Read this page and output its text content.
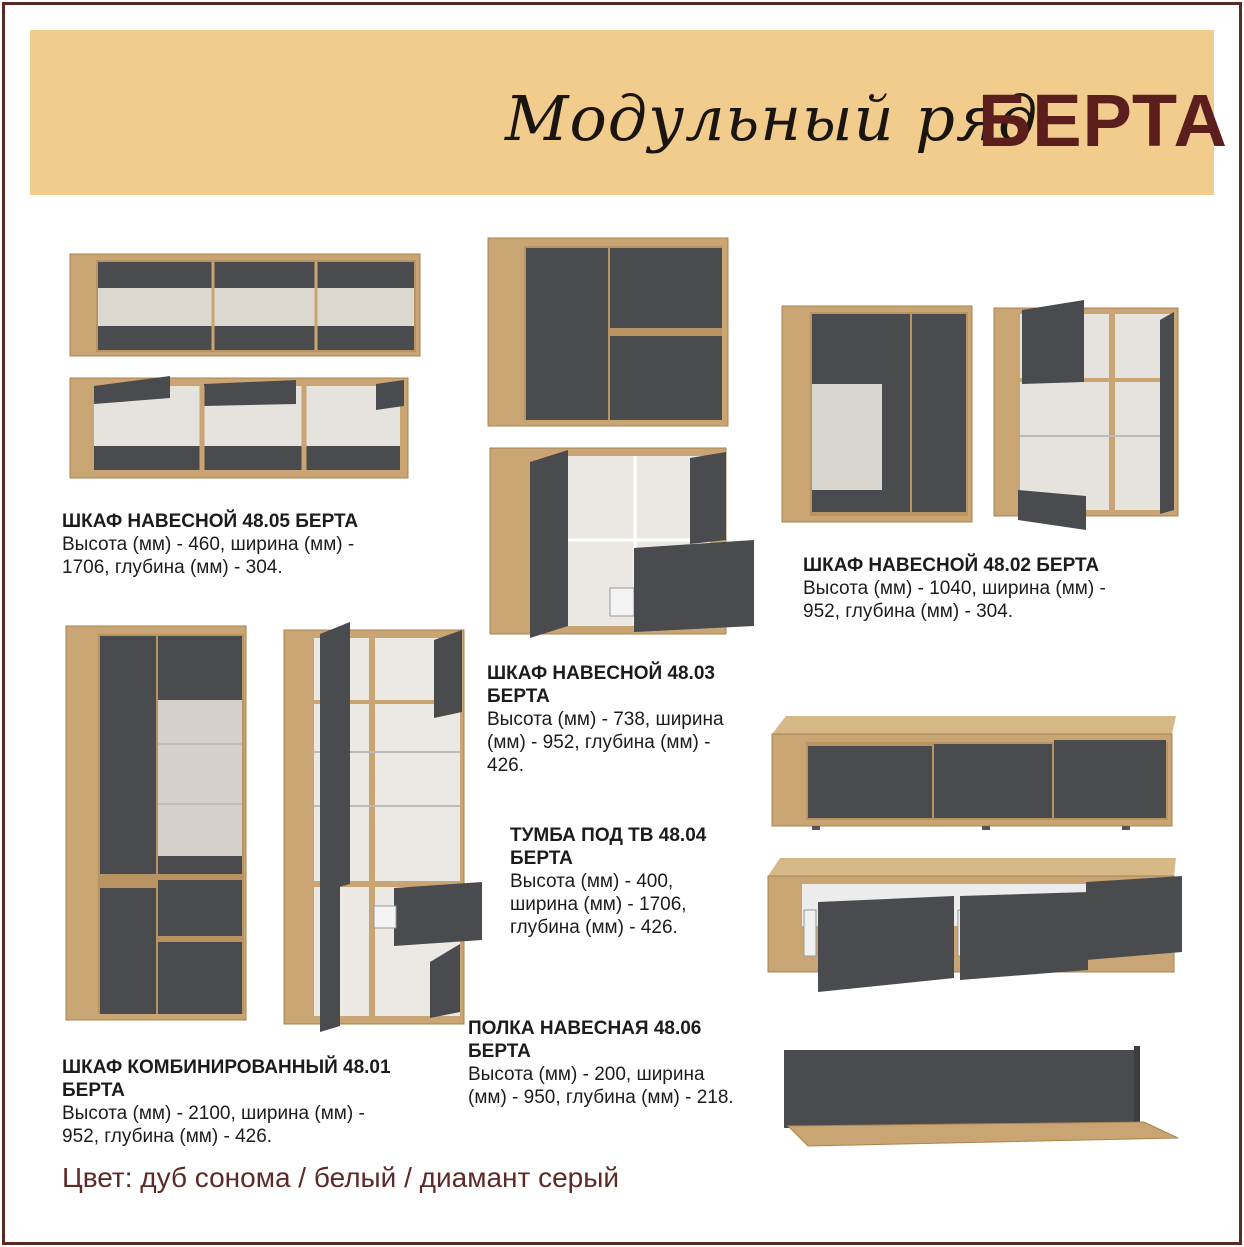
Модульный ряд
БЕРТА
ШКАФ НАВЕСНОЙ 48.05 БЕРТА
Высота (мм) - 460, ширина (мм) -
1706, глубина (мм) - 304.
ШКАФ НАВЕСНОЙ 48.03
БЕРТА
Высота (мм) - 738, ширина
(мм) - 952, глубина (мм) -
426.
ШКАФ НАВЕСНОЙ 48.02 БЕРТА
Высота (мм) - 1040, ширина (мм) -
952, глубина (мм) - 304.
ТУМБА ПОД ТВ 48.04
БЕРТА
Высота (мм) - 400,
ширина (мм) - 1706,
глубина (мм) - 426.
ПОЛКА НАВЕСНАЯ 48.06
БЕРТА
Высота (мм) - 200, ширина
(мм) - 950, глубина (мм) - 218.
ШКАФ КОМБИНИРОВАННЫЙ 48.01
БЕРТА
Высота (мм) - 2100, ширина (мм) -
952, глубина (мм) - 426.
Цвет: дуб сонома / белый / диамант серый
